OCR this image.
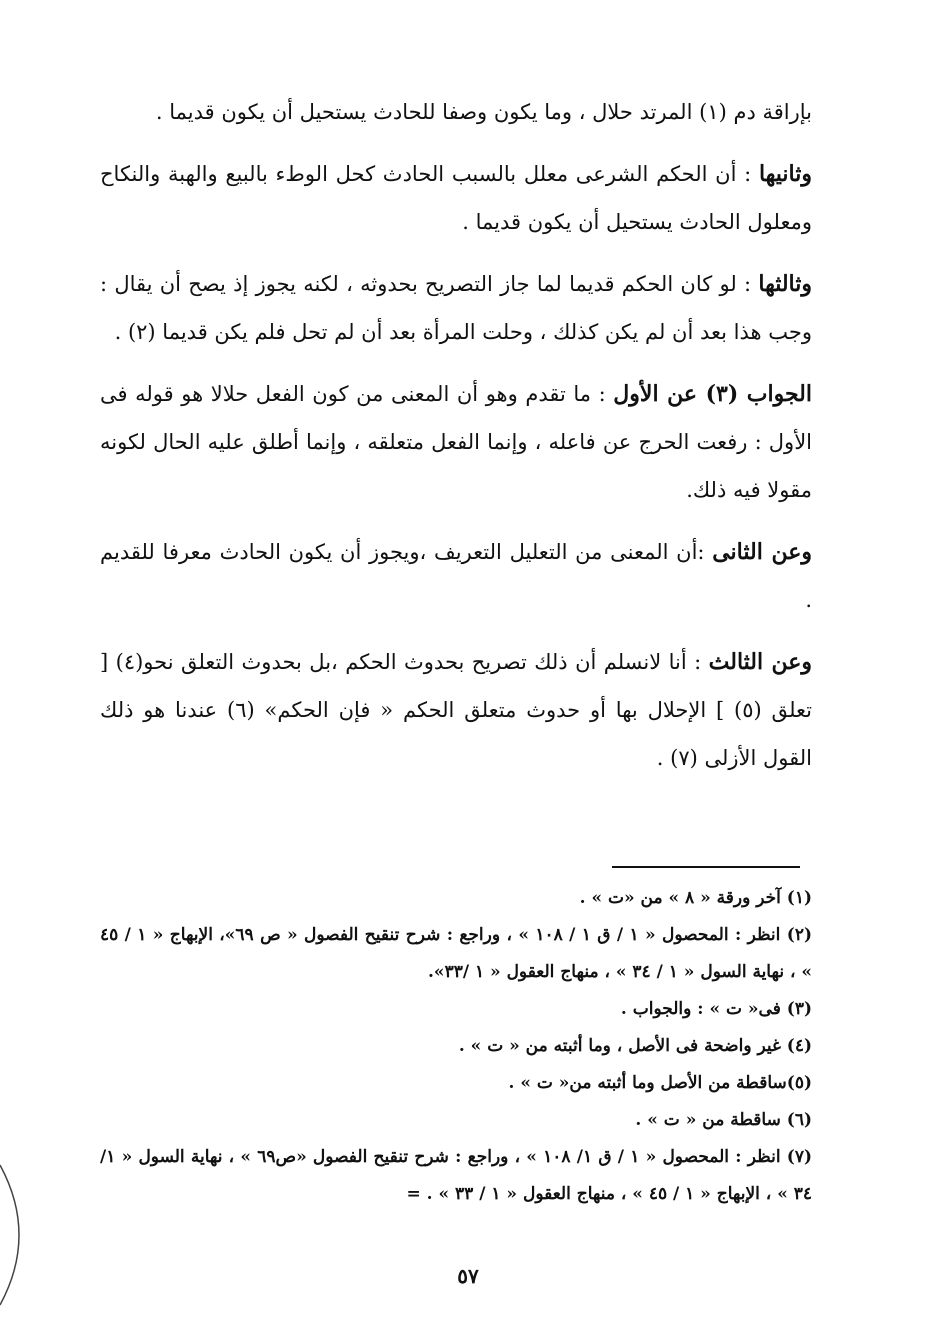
بإراقة دم (١) المرتد حلال ، وما يكون وصفا للحادث يستحيل أن يكون قديما .

وثانيها : أن الحكم الشرعى معلل بالسبب الحادث كحل الوطء بالبيع والهبة والنكاح ومعلول الحادث يستحيل أن يكون قديما .

وثالثها : لو كان الحكم قديما لما جاز التصريح بحدوثه ، لكنه يجوز إذ يصح أن يقال : وجب هذا بعد أن لم يكن كذلك ، وحلت المرأة بعد أن لم تحل فلم يكن قديما (٢) .

الجواب (٣) عن الأول : ما تقدم وهو أن المعنى من كون الفعل حلالا هو قوله فى الأول : رفعت الحرج عن فاعله ، وإنما الفعل متعلقه ، وإنما أطلق عليه الحال لكونه مقولا فيه ذلك.

وعن الثانى :أن المعنى من التعليل التعريف ،ويجوز أن يكون الحادث معرفا للقديم .

وعن الثالث : أنا لانسلم أن ذلك تصريح بحدوث الحكم ،بل بحدوث التعلق نحو(٤) [ تعلق (٥) ] الإحلال بها أو حدوث متعلق الحكم « فإن الحكم» (٦) عندنا هو ذلك القول الأزلى (٧) .

(١) آخر ورقة « ٨ » من «ت » .

(٢) انظر : المحصول « ١ / ق ١ / ١٠٨ » ، وراجع : شرح تنقيح الفصول « ص ٦٩»، الإبهاج « ١ / ٤٥ » ، نهاية السول « ١ / ٣٤ » ، منهاج العقول « ١ /٣٣».

(٣) فى« ت » : والجواب .

(٤) غير واضحة فى الأصل ، وما أثبته من « ت » .

(٥)ساقطة من الأصل وما أثبته من« ت » .

(٦) ساقطة من « ت » .

(٧) انظر : المحصول « ١ / ق ١/ ١٠٨ » ، وراجع : شرح تنقيح الفصول «ص٦٩ » ، نهاية السول « ١/ ٣٤ » ، الإبهاج « ١ / ٤٥ » ، منهاج العقول « ١ / ٣٣ » . =

٥٧
